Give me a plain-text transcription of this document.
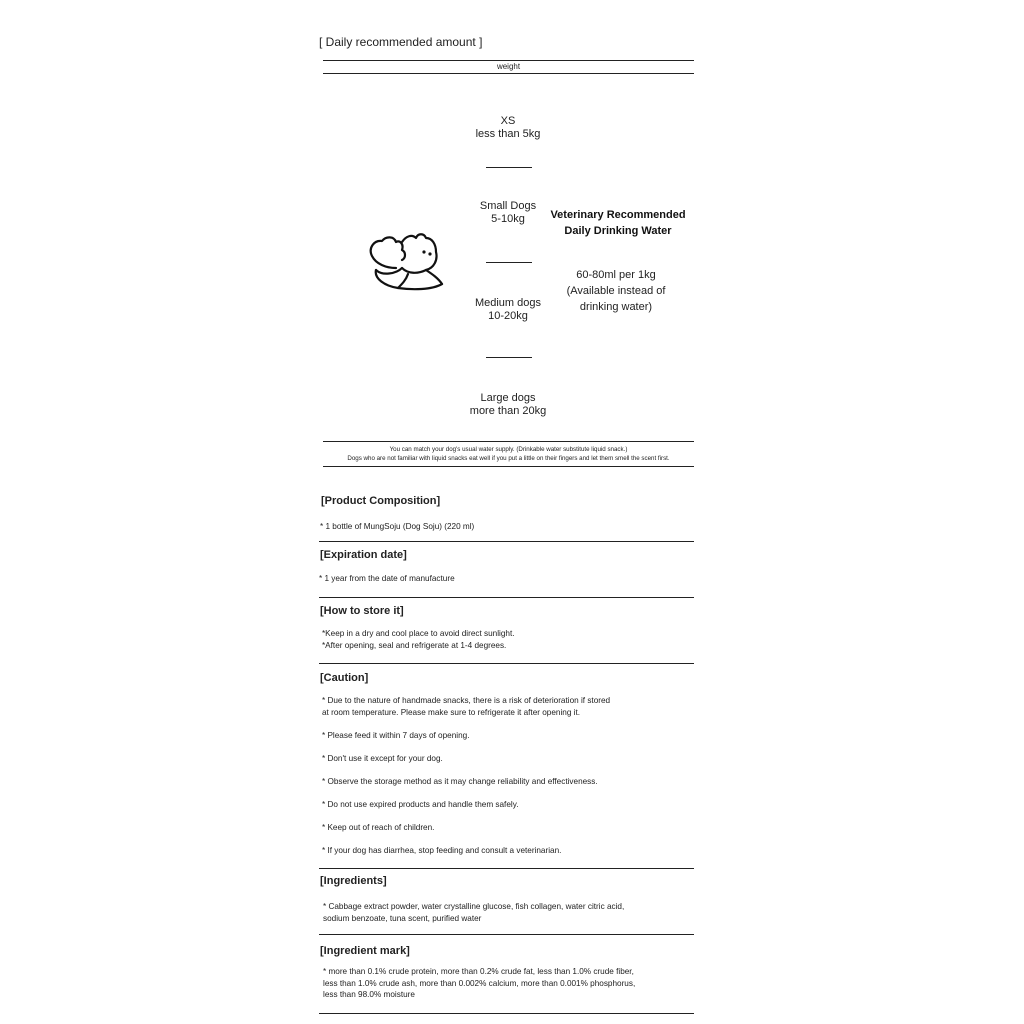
[ Daily recommended amount ]
weight
XS
less than 5kg
Small Dogs
5-10kg
Medium dogs
10-20kg
Large dogs
more than 20kg
Veterinary Recommended
Daily Drinking Water
60-80ml per 1kg
(Available instead of
drinking water)
You can match your dog's usual water supply. (Drinkable water substitute liquid snack.)
Dogs who are not familiar with liquid snacks eat well if you put a little on their fingers and let them smell the scent first.
[Product Composition]
* 1 bottle of MungSoju (Dog Soju) (220 ml)
[Expiration date]
* 1 year from the date of manufacture
[How to store it]
*Keep in a dry and cool place to avoid direct sunlight.
*After opening, seal and refrigerate at 1-4 degrees.
[Caution]
* Due to the nature of handmade snacks, there is a risk of deterioration if stored
at room temperature. Please make sure to refrigerate it after opening it.
* Please feed it within 7 days of opening.
* Don't use it except for your dog.
* Observe the storage method as it may change reliability and effectiveness.
* Do not use expired products and handle them safely.
* Keep out of reach of children.
* If your dog has diarrhea, stop feeding and consult a veterinarian.
[Ingredients]
* Cabbage extract powder, water crystalline glucose, fish collagen, water citric acid,
sodium benzoate, tuna scent, purified water
[Ingredient mark]
* more than 0.1% crude protein, more than 0.2% crude fat, less than 1.0% crude fiber,
less than 1.0% crude ash, more than 0.002% calcium, more than 0.001% phosphorus,
less than 98.0% moisture
